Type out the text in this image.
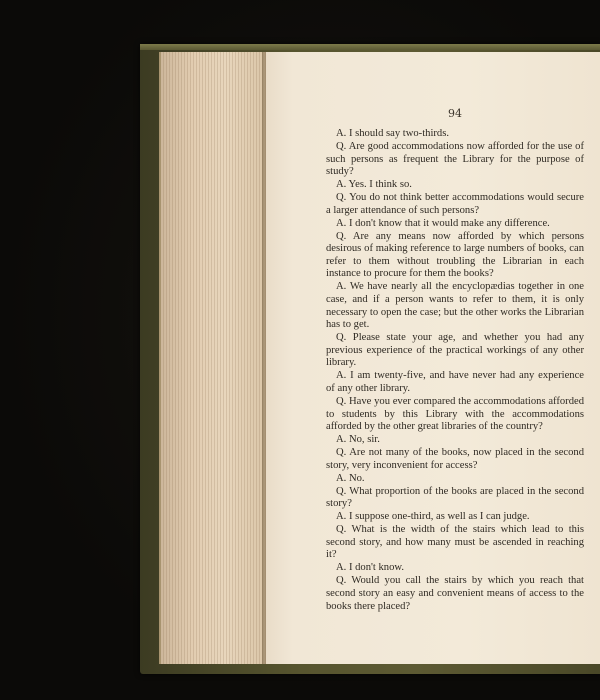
94

A. I should say two-thirds.

Q. Are good accommodations now afforded for the use of such persons as frequent the Library for the purpose of study?

A. Yes. I think so.

Q. You do not think better accommodations would secure a larger attendance of such persons?

A. I don't know that it would make any difference.

Q. Are any means now afforded by which persons desirous of making reference to large numbers of books, can refer to them without troubling the Librarian in each instance to procure for them the books?

A. We have nearly all the encyclopædias together in one case, and if a person wants to refer to them, it is only necessary to open the case; but the other works the Librarian has to get.

Q. Please state your age, and whether you had any previous experience of the practical workings of any other library.

A. I am twenty-five, and have never had any experience of any other library.

Q. Have you ever compared the accommodations afforded to students by this Library with the accommodations afforded by the other great libraries of the country?

A. No, sir.

Q. Are not many of the books, now placed in the second story, very inconvenient for access?

A. No.

Q. What proportion of the books are placed in the second story?

A. I suppose one-third, as well as I can judge.

Q. What is the width of the stairs which lead to this second story, and how many must be ascended in reaching it?

A. I don't know.

Q. Would you call the stairs by which you reach that second story an easy and convenient means of access to the books there placed?
